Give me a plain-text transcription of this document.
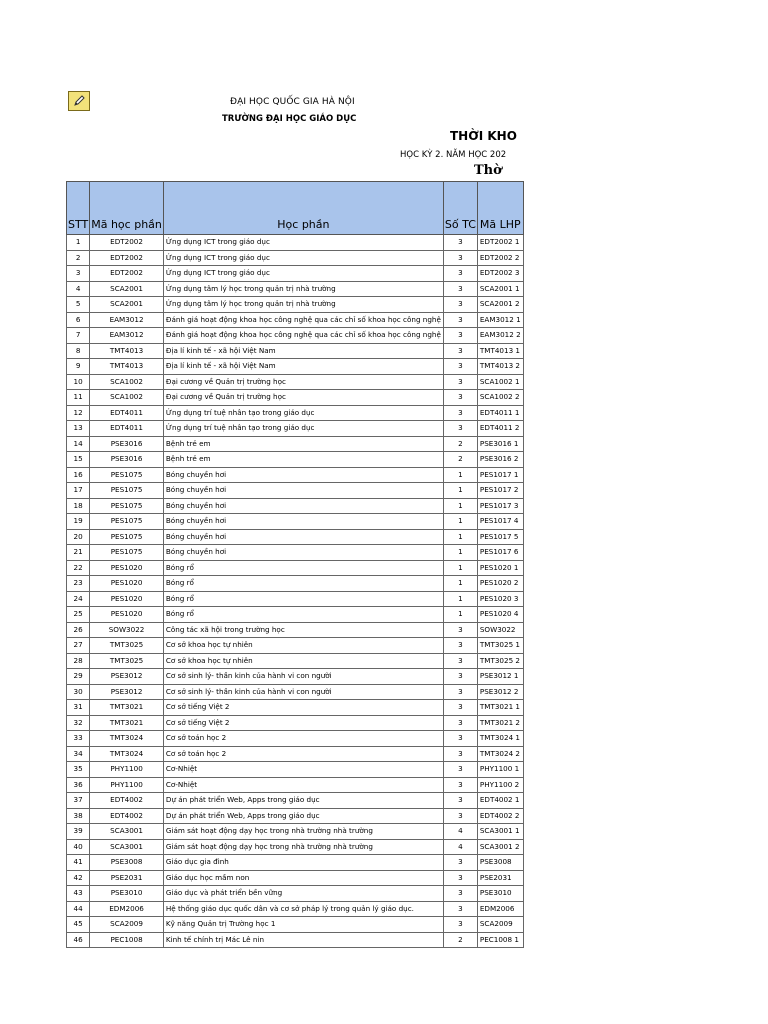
ĐẠI HỌC QUỐC GIA HÀ NỘI
TRƯỜNG ĐẠI HỌC GIÁO DỤC
THỜI KHO
HỌC KỲ 2. NĂM HỌC 202
Thờ
STT	Mã học phần	Học phần	Số TC	Mã LHP
1	EDT2002	Ứng dụng ICT trong giáo dục	3	EDT2002 1
2	EDT2002	Ứng dụng ICT trong giáo dục	3	EDT2002 2
3	EDT2002	Ứng dụng ICT trong giáo dục	3	EDT2002 3
4	SCA2001	Ứng dụng tâm lý học trong quản trị nhà trường	3	SCA2001 1
5	SCA2001	Ứng dụng tâm lý học trong quản trị nhà trường	3	SCA2001 2
6	EAM3012	Đánh giá hoạt động khoa học công nghệ qua các chỉ số khoa học công nghệ	3	EAM3012 1
7	EAM3012	Đánh giá hoạt động khoa học công nghệ qua các chỉ số khoa học công nghệ	3	EAM3012 2
8	TMT4013	Địa lí kinh tế - xã hội Việt Nam	3	TMT4013 1
9	TMT4013	Địa lí kinh tế - xã hội Việt Nam	3	TMT4013 2
10	SCA1002	Đại cương về Quản trị trường học	3	SCA1002 1
11	SCA1002	Đại cương về Quản trị trường học	3	SCA1002 2
12	EDT4011	Ứng dụng trí tuệ nhân tạo trong giáo dục	3	EDT4011 1
13	EDT4011	Ứng dụng trí tuệ nhân tạo trong giáo dục	3	EDT4011 2
14	PSE3016	Bệnh trẻ em	2	PSE3016 1
15	PSE3016	Bệnh trẻ em	2	PSE3016 2
16	PES1075	Bóng chuyền hơi	1	PES1017 1
17	PES1075	Bóng chuyền hơi	1	PES1017 2
18	PES1075	Bóng chuyền hơi	1	PES1017 3
19	PES1075	Bóng chuyền hơi	1	PES1017 4
20	PES1075	Bóng chuyền hơi	1	PES1017 5
21	PES1075	Bóng chuyền hơi	1	PES1017 6
22	PES1020	Bóng rổ	1	PES1020 1
23	PES1020	Bóng rổ	1	PES1020 2
24	PES1020	Bóng rổ	1	PES1020 3
25	PES1020	Bóng rổ	1	PES1020 4
26	SOW3022	Công tác xã hội trong trường học	3	SOW3022
27	TMT3025	Cơ sở khoa học tự nhiên	3	TMT3025 1
28	TMT3025	Cơ sở khoa học tự nhiên	3	TMT3025 2
29	PSE3012	Cơ sở sinh lý- thần kinh của hành vi con người	3	PSE3012 1
30	PSE3012	Cơ sở sinh lý- thần kinh của hành vi con người	3	PSE3012 2
31	TMT3021	Cơ sở tiếng Việt 2	3	TMT3021 1
32	TMT3021	Cơ sở tiếng Việt 2	3	TMT3021 2
33	TMT3024	Cơ sở toán học 2	3	TMT3024 1
34	TMT3024	Cơ sở toán học 2	3	TMT3024 2
35	PHY1100	Cơ-Nhiệt	3	PHY1100 1
36	PHY1100	Cơ-Nhiệt	3	PHY1100 2
37	EDT4002	Dự án phát triển Web, Apps trong giáo dục	3	EDT4002 1
38	EDT4002	Dự án phát triển Web, Apps trong giáo dục	3	EDT4002 2
39	SCA3001	Giám sát hoạt động dạy học trong nhà trường nhà trường	4	SCA3001 1
40	SCA3001	Giám sát hoạt động dạy học trong nhà trường nhà trường	4	SCA3001 2
41	PSE3008	Giáo dục gia đình	3	PSE3008
42	PSE2031	Giáo dục học mầm non	3	PSE2031
43	PSE3010	Giáo dục và phát triển bền vững	3	PSE3010
44	EDM2006	Hệ thống giáo dục quốc dân và cơ sở pháp lý trong quản lý giáo dục.	3	EDM2006
45	SCA2009	Kỹ năng Quản trị Trường học 1	3	SCA2009
46	PEC1008	Kinh tế chính trị Mác Lê nin	2	PEC1008 1
